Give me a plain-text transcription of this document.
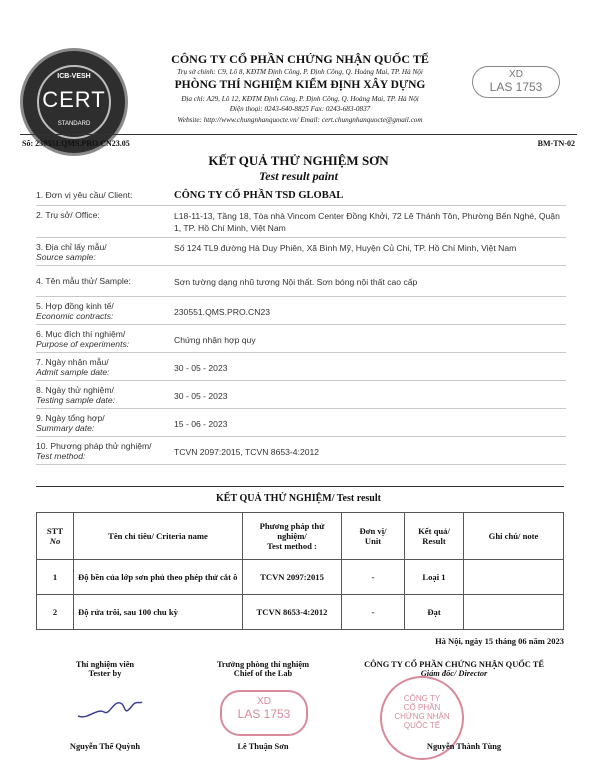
ICB-VESH
CERT
STANDARD
CÔNG TY CỔ PHẦN CHỨNG NHẬN QUỐC TẾ
Trụ sở chính: C9, Lô 8, KĐTM Định Công, P. Định Công, Q. Hoàng Mai, TP. Hà Nội
PHÒNG THÍ NGHIỆM KIỂM ĐỊNH XÂY DỰNG
Địa chỉ: A29, Lô 12, KĐTM Định Công, P. Định Công, Q. Hoàng Mai, TP. Hà Nội
Điện thoại: 0243-640-8825 Fax: 0243-683-0837
Website: http://www.chungnhanquocte.vn/ Email: cert.chungnhanquocte@gmail.com
XD
LAS 1753
Số: 230551.QMS.PRO.CN23.05	BM-TN-02
KẾT QUẢ THỬ NGHIỆM SƠN
Test result paint
1. Đơn vị yêu cầu/ Client:	CÔNG TY CỔ PHẦN TSD GLOBAL
2. Trụ sở/ Office:	L18-11-13, Tầng 18, Tòa nhà Vincom Center Đồng Khởi, 72 Lê Thánh Tôn, Phường Bến Nghé, Quận 1, TP. Hồ Chí Minh, Việt Nam
3. Địa chỉ lấy mẫu/
Source sample:
Số 124 TL9 đường Hà Duy Phiên, Xã Bình Mỹ, Huyện Củ Chi, TP. Hồ Chí Minh, Việt Nam
4. Tên mẫu thử/ Sample:	Sơn tường dạng nhũ tương Nội thất. Sơn bóng nội thất cao cấp
5. Hợp đồng kinh tế/
Economic contracts:	230551.QMS.PRO.CN23
6. Mục đích thí nghiệm/
Purpose of experiments:	Chứng nhận hợp quy
7. Ngày nhận mẫu/
Admit sample date:	30 - 05 - 2023
8. Ngày thử nghiệm/
Testing sample date:	30 - 05 - 2023
9. Ngày tổng hợp/
Summary date:	15 - 06 - 2023
10. Phương pháp thử nghiệm/
Test method:	TCVN 2097:2015, TCVN 8653-4:2012
KẾT QUẢ THỬ NGHIỆM/ Test result
STT
No	Tên chỉ tiêu/ Criteria name	Phương pháp thử nghiệm/
Test method :	Đơn vị/
Unit	Kết quả/
Result	Ghi chú/ note
1	Độ bền của lớp sơn phủ theo phép thử cắt ô	TCVN 2097:2015	-	Loại 1	
2	Độ rửa trôi, sau 100 chu kỳ	TCVN 8653-4:2012	-	Đạt	
Hà Nội, ngày 15 tháng 06 năm 2023
Thí nghiệm viên
Tester by
Nguyễn Thế Quỳnh
Trưởng phòng thí nghiệm
Chief of the Lab
XD
LAS 1753
Lê Thuận Sơn
CÔNG TY CỔ PHẦN CHỨNG NHẬN QUỐC TẾ
Giám đốc/ Director
CÔNG TY
CỔ PHẦN
CHỨNG NHẬN
QUỐC TẾ
Nguyễn Thành Tùng
